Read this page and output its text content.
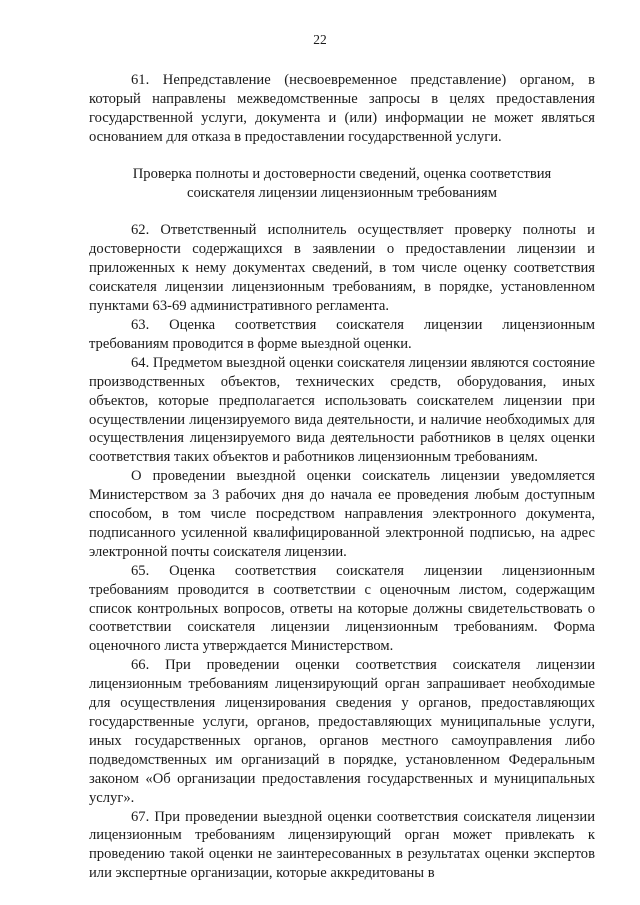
22

61. Непредставление (несвоевременное представление) органом, в который направлены межведомственные запросы в целях предоставления государственной услуги, документа и (или) информации не может являться основанием для отказа в предоставлении государственной услуги.

Проверка полноты и достоверности сведений, оценка соответствия
соискателя лицензии лицензионным требованиям

62. Ответственный исполнитель осуществляет проверку полноты и достоверности содержащихся в заявлении о предоставлении лицензии и приложенных к нему документах сведений, в том числе оценку соответствия соискателя лицензии лицензионным требованиям, в порядке, установленном пунктами 63-69 административного регламента.

63. Оценка соответствия соискателя лицензии лицензионным требованиям проводится в форме выездной оценки.

64. Предметом выездной оценки соискателя лицензии являются состояние производственных объектов, технических средств, оборудования, иных объектов, которые предполагается использовать соискателем лицензии при осуществлении лицензируемого вида деятельности, и наличие необходимых для осуществления лицензируемого вида деятельности работников в целях оценки соответствия таких объектов и работников лицензионным требованиям.

О проведении выездной оценки соискатель лицензии уведомляется Министерством за 3 рабочих дня до начала ее проведения любым доступным способом, в том числе посредством направления электронного документа, подписанного усиленной квалифицированной электронной подписью, на адрес электронной почты соискателя лицензии.

65. Оценка соответствия соискателя лицензии лицензионным требованиям проводится в соответствии с оценочным листом, содержащим список контрольных вопросов, ответы на которые должны свидетельствовать о соответствии соискателя лицензии лицензионным требованиям. Форма оценочного листа утверждается Министерством.

66. При проведении оценки соответствия соискателя лицензии лицензионным требованиям лицензирующий орган запрашивает необходимые для осуществления лицензирования сведения у органов, предоставляющих государственные услуги, органов, предоставляющих муниципальные услуги, иных государственных органов, органов местного самоуправления либо подведомственных им организаций в порядке, установленном Федеральным законом «Об организации предоставления государственных и муниципальных услуг».

67. При проведении выездной оценки соответствия соискателя лицензии лицензионным требованиям лицензирующий орган может привлекать к проведению такой оценки не заинтересованных в результатах оценки экспертов или экспертные организации, которые аккредитованы в
